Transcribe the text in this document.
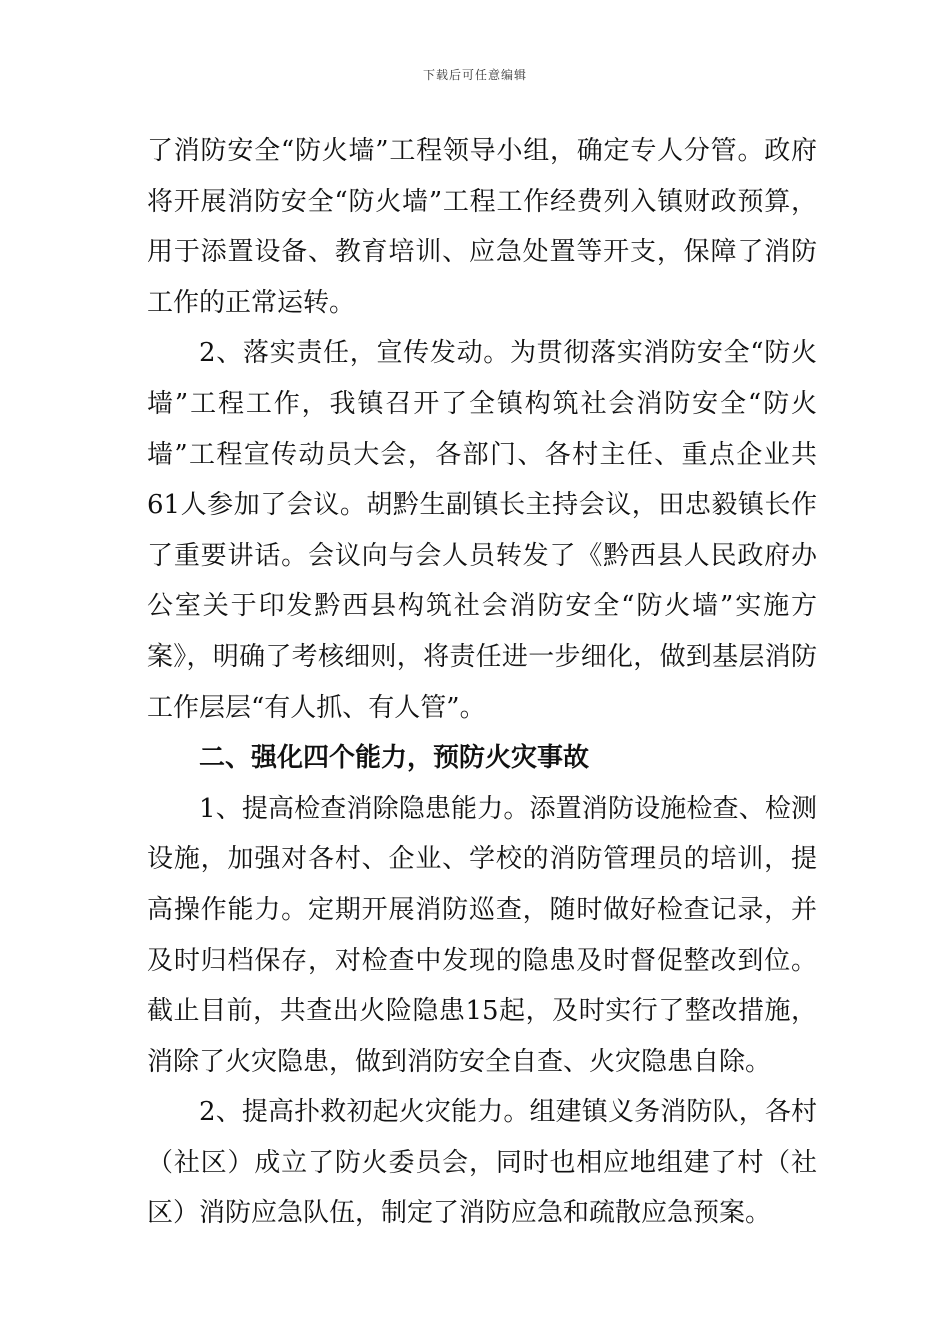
下载后可任意编辑

了消防安全“防火墙”工程领导小组，确定专人分管。政府将开展消防安全“防火墙”工程工作经费列入镇财政预算，用于添置设备、教育培训、应急处置等开支，保障了消防工作的正常运转。

2、落实责任，宣传发动。为贯彻落实消防安全“防火墙”工程工作，我镇召开了全镇构筑社会消防安全“防火墙”工程宣传动员大会，各部门、各村主任、重点企业共61人参加了会议。胡黔生副镇长主持会议，田忠毅镇长作了重要讲话。会议向与会人员转发了《黔西县人民政府办公室关于印发黔西县构筑社会消防安全“防火墙”实施方案》，明确了考核细则，将责任进一步细化，做到基层消防工作层层“有人抓、有人管”。

二、强化四个能力，预防火灾事故

1、提高检查消除隐患能力。添置消防设施检查、检测设施，加强对各村、企业、学校的消防管理员的培训，提高操作能力。定期开展消防巡查，随时做好检查记录，并及时归档保存，对检查中发现的隐患及时督促整改到位。截止目前，共查出火险隐患15起，及时实行了整改措施，消除了火灾隐患，做到消防安全自查、火灾隐患自除。

2、提高扑救初起火灾能力。组建镇义务消防队，各村（社区）成立了防火委员会，同时也相应地组建了村（社区）消防应急队伍，制定了消防应急和疏散应急预案。
